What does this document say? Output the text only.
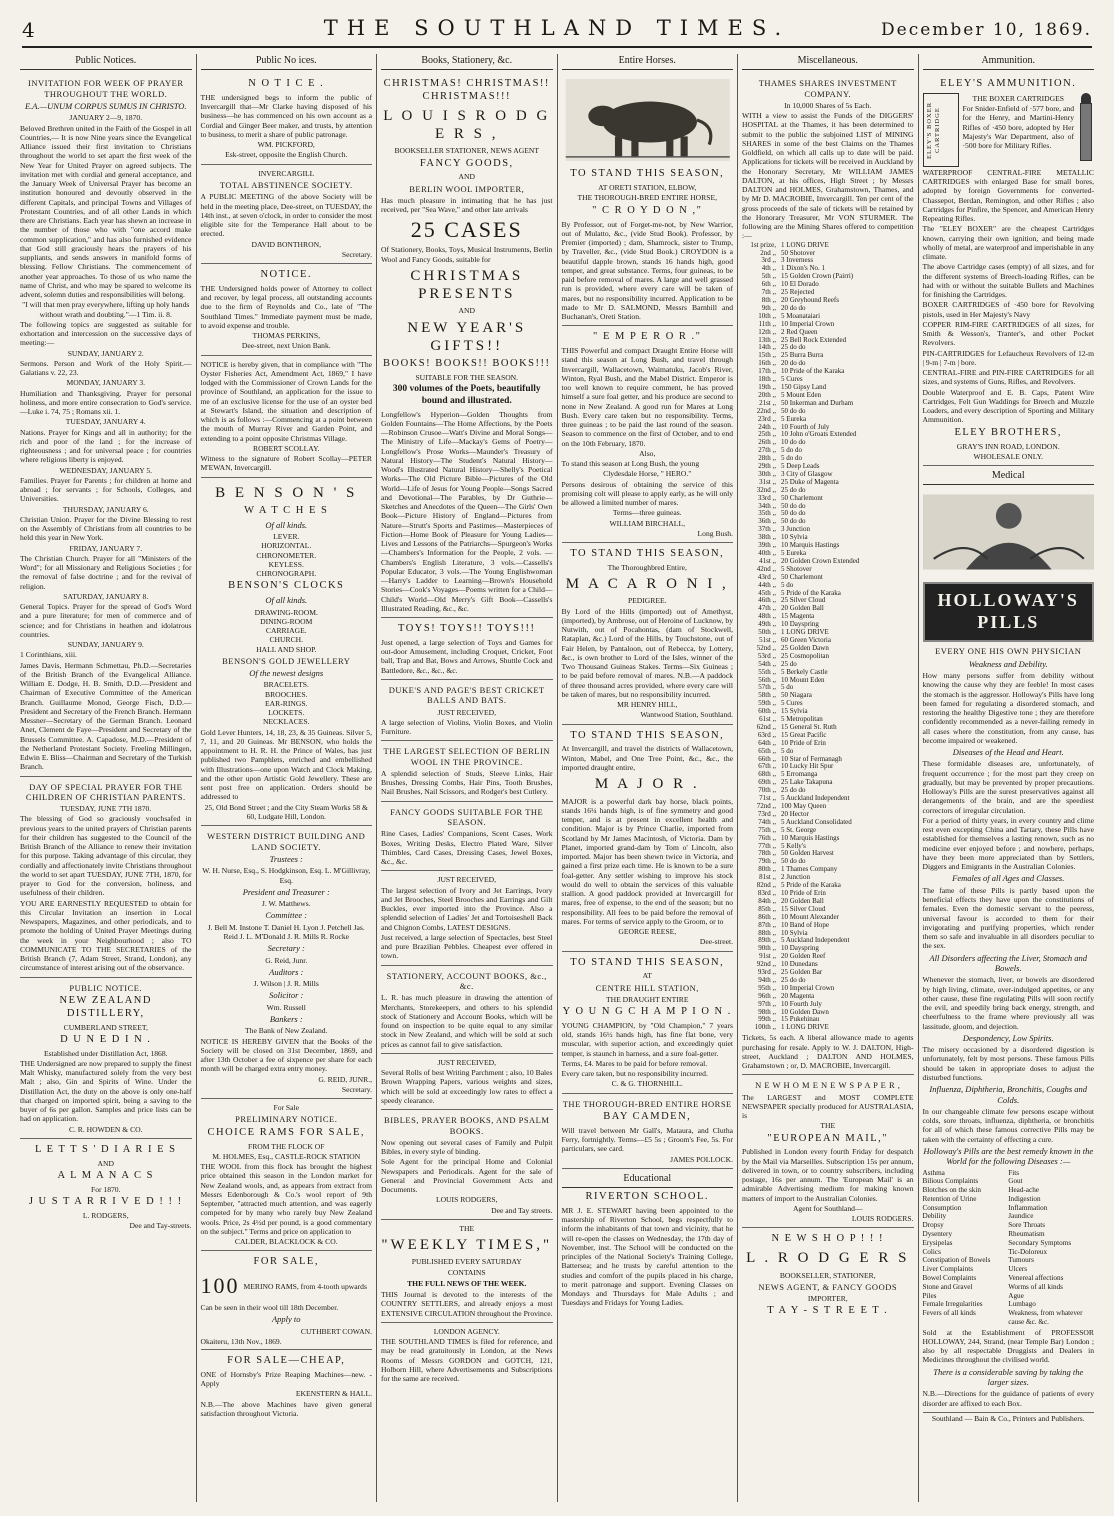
4	THE SOUTHLAND TIMES.	December 10, 1869.
Public Notices.
INVITATION FOR WEEK OF PRAYER THROUGHOUT THE WORLD.
E.A.—UNUM CORPUS SUMUS IN CHRISTO.
JANUARY 2—9, 1870.

Beloved Brethren united in the Faith of the Gospel in all Countries,— It is now Nine years since the Evangelical Alliance issued their first invitation to Christians throughout the world to set apart the first week of the New Year for United Prayer on agreed subjects. The invitation met with cordial and general acceptance, and the January Week of Universal Prayer has become an institution honoured and devoutly observed in the different Capitals, and principal Towns and Villages of Protestant Countries, and of all other Lands in which there are Christians. Each year has shewn an increase in the number of those who with "one accord make common supplication," and has also furnished evidence that God still graciously hears the prayers of his suppliants, and sends answers in manifold forms of blessing. Fellow Christians. The commencement of another year approaches. To those of us who name the name of Christ, and who may be spared to welcome its advent, solemn duties and responsibilities will belong.

"I will that men pray everywhere, lifting up holy hands without wrath and doubting."—1 Tim. ii. 8.

The following topics are suggested as suitable for exhortation and intercession on the successive days of meeting:—

SUNDAY, JANUARY 2.

Sermons. Person and Work of the Holy Spirit.—Galatians v. 22, 23.

MONDAY, JANUARY 3.

Humiliation and Thanksgiving. Prayer for personal holiness, and more entire consecration to God's service.—Luke i. 74, 75 ; Romans xii. 1.

TUESDAY, JANUARY 4.

Nations. Prayer for Kings and all in authority; for the rich and poor of the land ; for the increase of righteousness ; and for universal peace ; for countries where religious liberty is enjoyed.

WEDNESDAY, JANUARY 5.

Families. Prayer for Parents ; for children at home and abroad ; for servants ; for Schools, Colleges, and Universities.

THURSDAY, JANUARY 6.

Christian Union. Prayer for the Divine Blessing to rest on the Assembly of Christians from all countries to be held this year in New York.

FRIDAY, JANUARY 7.

The Christian Church. Prayer for all "Ministers of the Word"; for all Missionary and Religious Societies ; for the removal of false doctrine ; and for the revival of religion.

SATURDAY, JANUARY 8.

General Topics. Prayer for the spread of God's Word and a pure literature; for men of commerce and of science; and for Christians in heathen and idolatrous countries.

SUNDAY, JANUARY 9.

1 Corinthians, xiii.

James Davis, Hermann Schmettau, Ph.D.—Secretaries of the British Branch of the Evangelical Alliance. William E. Dodge, H. B. Smith, D.D.—President and Chairman of Executive Committee of the American Branch. Guillaume Monod, George Fisch, D.D.—President and Secretary of the French Branch. Hermann Messner—Secretary of the German Branch. Leonard Anet, Clement de Faye—President and Secretary of the Brussels Committee. A. Capadose, M.D.—President of the Netherland Protestant Society. Freeling Millingen, Edwin E. Bliss—Chairman and Secretary of the Turkish Branch.

DAY OF SPECIAL PRAYER FOR THE CHILDREN OF CHRISTIAN PARENTS.
TUESDAY, JUNE 7TH 1870.

The blessing of God so graciously vouchsafed in previous years to the united prayers of Christian parents for their children has suggested to the Council of the British Branch of the Alliance to renew their invitation for this purpose. Taking advantage of this circular, they cordially and affectionately invite Christians throughout the world to set apart TUESDAY, JUNE 7TH, 1870, for prayer to God for the conversion, holiness, and usefulness of their children.

YOU ARE EARNESTLY REQUESTED to obtain for this Circular Invitation an insertion in Local Newspapers, Magazines, and other periodicals, and to promote the holding of United Prayer Meetings during the week in your Neighbourhood ; also TO COMMUNICATE TO THE SECRETARIES of the British Branch (7, Adam Street, Strand, London), any circumstance of interest arising out of the observance.

PUBLIC NOTICE.
NEW ZEALAND DISTILLERY,
CUMBERLAND STREET,
D U N E D I N .
Established under Distillation Act, 1868.

THE Undersigned are now prepared to supply the finest Malt Whisky, manufactured solely from the very best Malt ; also, Gin and Spirits of Wine. Under the Distillation Act, the duty on the above is only one-half that charged on imported spirit, being a saving to the buyer of 6s per gallon. Samples and price lists can be had on application.

C. R. HOWDEN & CO.
L E T T S ' D I A R I E S
AND
A L M A N A C S
For 1870.
J U S T A R R I V E D ! ! !
L. RODGERS,
Dee and Tay-streets.
Public No ices.
N O T I C E .

THE undersigned begs to inform the public of Invercargill that—Mr Clarke having disposed of his business—he has commenced on his own account as a Cordial and Ginger Beer maker, and trusts, by attention to business, to merit a share of public patronage.

WM. PICKFORD,
Esk-street, opposite the English Church.
INVERCARGILL
TOTAL ABSTINENCE SOCIETY.

A PUBLIC MEETING of the above Society will be held in the meeting place, Dee-street, on TUESDAY, the 14th inst., at seven o'clock, in order to consider the most eligible site for the Temperance Hall about to be erected.

DAVID BONTHRON,
Secretary.
NOTICE.

THE Undersigned holds power of Attorney to collect and recover, by legal process, all outstanding accounts due to the firm of Reynolds and Co., late of "The Southland Times." Immediate payment must be made, to avoid expense and trouble.

THOMAS PERKINS,
Dee-street, next Union Bank.

NOTICE is hereby given, that in compliance with "The Oyster Fisheries Act, Amendment Act, 1869," I have lodged with the Commissioner of Crown Lands for the province of Southland, an application for the issue to me of an exclusive license for the use of an oyster bed at Stewart's Island, the situation and description of which is as follows :—Commencing at a point between the mouth of Murray River and Garden Point, and extending to a point opposite Christmas Village.

ROBERT SCOLLAY.

Witness to the signature of Robert Scollay—PETER M'EWAN, Invercargill.

B E N S O N ' S
W A T C H E S
Of all kinds.
LEVER.
HORIZONTAL.
CHRONOMETER.
KEYLESS.
CHRONOGRAPH.
BENSON'S CLOCKS
Of all kinds.
DRAWING-ROOM.
DINING-ROOM
CARRIAGE.
CHURCH.
HALL AND SHOP.
BENSON'S GOLD JEWELLERY
Of the newest designs
BRACELETS.
BROOCHES.
EAR-RINGS.
LOCKETS.
NECKLACES.

Gold Lever Hunters, 14, 18, 23, & 35 Guineas. Silver 5, 7, 11, and 20 Guineas. Mr BENSON, who holds the appointment to H. R. H. the Prince of Wales, has just published two Pamphlets, enriched and embellished with Illustrations—one upon Watch and Clock Making, and the other upon Artistic Gold Jewellery. These are sent post free on application. Orders should be addressed to

25, Old Bond Street ; and the City Steam Works 58 & 60, Ludgate Hill, London.

WESTERN DISTRICT BUILDING AND LAND SOCIETY.
Trustees :
W. H. Nurse, Esq., S. Hodgkinson, Esq. L. M'Gillivray, Esq.
President and Treasurer :
J. W. Matthews.
Committee :
J. Bell M. Instone T. Daniel H. Lyon J. Petchell Jas. Reid J. L. M'Donald J. R. Mills R. Rocke
Secretary :
G. Reid, Junr.
Auditors :
J. Wilson | J. R. Mills
Solicitor :
Wm. Russell
Bankers :
The Bank of New Zealand.

NOTICE IS HEREBY GIVEN that the Books of the Society will be closed on 31st December, 1869, and after 13th October a fee of sixpence per share for each month will be charged extra entry money.

G. REID, JUNR.,
Secretary.
For Sale
PRELIMINARY NOTICE.
CHOICE RAMS FOR SALE,
FROM THE FLOCK OF
M. HOLMES, Esq., CASTLE-ROCK STATION

THE WOOL from this flock has brought the highest price obtained this season in the London market for New Zealand wools, and, as appears from extract from Messrs Edenborough & Co.'s wool report of 9th September, "attracted much attention, and was eagerly competed for by many who rarely buy New Zealand wools. Price, 2s 4½d per pound, is a good commentary on the subject." Terms and price on application to

CALDER, BLACKLOCK & CO.
FOR SALE,
100 MERINO RAMS, from 4-tooth upwards

Can be seen in their wool till 18th December.

Apply to
CUTHBERT COWAN.
Okaiteru, 13th Nov., 1869.
FOR SALE—CHEAP,

ONE of Hornsby's Prize Reaping Machines—new. -Apply

EKENSTERN & HALL.

N.B.—The above Machines have given general satisfaction throughout Victoria.

Books, Stationery, &c.
CHRISTMAS! CHRISTMAS!! CHRISTMAS!!!
L O U I S R O D G E R S ,
BOOKSELLER STATIONER, NEWS AGENT
FANCY GOODS,
AND
BERLIN WOOL IMPORTER,

Has much pleasure in intimating that he has just received, per "Sea Wave," and other late arrivals

25 CASES

Of Stationery, Books, Toys, Musical Instruments, Berlin Wool and Fancy Goods, suitable for

CHRISTMAS PRESENTS
AND
NEW YEAR'S GIFTS!!
BOOKS! BOOKS!! BOOKS!!!
SUITABLE FOR THE SEASON.
300 volumes of the Poets, beautifully bound and illustrated.

Longfellow's Hyperion—Golden Thoughts from Golden Fountains—The Home Affections, by the Poets—Robinson Crusoe—Watt's Divine and Moral Songs—The Ministry of Life—Mackay's Gems of Poetry—Longfellow's Prose Works—Maunder's Treasury of Natural History—The Student's Natural History—Wood's Illustrated Natural History—Shelly's Poetical Works—The Old Picture Bible—Pictures of the Old World—Life of Jesus for Young People—Songs Sacred and Devotional—The Parables, by Dr Guthrie—Sketches and Anecdotes of the Queen—The Girls' Own Book—Picture History of England—Pictures from Nature—Strutt's Sports and Pastimes—Masterpieces of Fiction—Home Book of Pleasure for Young Ladies—Lives and Lessons of the Patriarchs—Spurgeon's Works—Chambers's Information for the People, 2 vols. —Chambers's English Literature, 3 vols.—Cassells's Popular Educator, 3 vols.—The Young Englishwoman—Harry's Ladder to Learning—Brown's Household Stories—Cook's Voyages—Poems written for a Child—Child's World—Old Merry's Gift Book—Cassells's Illustrated Reading, &c., &c.

TOYS! TOYS!! TOYS!!!

Just opened, a large selection of Toys and Games for out-door Amusement, including Croquet, Cricket, Foot ball, Trap and Bat, Bows and Arrows, Shuttle Cock and Battledore, &c., &c., &c.

DUKE'S AND PAGE'S BEST CRICKET BALLS AND BATS.
JUST RECEIVED,

A large selection of Violins, Violin Boxes, and Violin Furniture.

THE LARGEST SELECTION OF BERLIN WOOL IN THE PROVINCE.

A splendid selection of Studs, Sleeve Links, Hair Brushes, Dressing Combs, Hair Pins, Tooth Brushes, Nail Brushes, Nail Scissors, and Rodger's best Cutlery.

FANCY GOODS SUITABLE FOR THE SEASON.

Rine Cases, Ladies' Companions, Scent Cases, Work Boxes, Writing Desks, Electro Plated Ware, Silver Thimbles, Card Cases, Dressing Cases, Jewel Boxes, &c., &c.

JUST RECEIVED,

The largest selection of Ivory and Jet Earrings, Ivory and Jet Brooches, Steel Brooches and Earrings and Gilt Buckles, ever imported into the Province. Also a splendid selection of Ladies' Jet and Tortoiseshell Back and Chignon Combs, LATEST DESIGNS.

Just received, a large selection of Spectacles, best Steel and pure Brazilian Pebbles. Cheapest ever offered in town.

STATIONERY, ACCOUNT BOOKS, &c., &c.

L. R. has much pleasure in drawing the attention of Merchants, Storekeepers, and others to his splendid stock of Stationery and Account Books, which will be found on inspection to be quite equal to any similar stock in New Zealand, and which will be sold at such prices as cannot fail to give satisfaction.

JUST RECEIVED,

Several Rolls of best Writing Parchment ; also, 10 Bales Brown Wrapping Papers, various weights and sizes, which will be sold at exceedingly low rates to effect a speedy clearance.

BIBLES, PRAYER BOOKS, AND PSALM BOOKS.

Now opening out several cases of Family and Pulpit Bibles, in every style of binding.

Sole Agent for the principal Home and Colonial Newspapers and Periodicals. Agent for the sale of General and Provincial Government Acts and Documents.

LOUIS RODGERS,
Dee and Tay streets.
THE
"WEEKLY TIMES,"
PUBLISHED EVERY SATURDAY
CONTAINS
THE FULL NEWS OF THE WEEK.

THIS Journal is devoted to the interests of the COUNTRY SETTLERS, and already enjoys a most EXTENSIVE CIRCULATION throughout the Province.

LONDON AGENCY.

THE SOUTHLAND TIMES is filed for reference, and may be read gratuitously in London, at the News Rooms of Messrs GORDON and GOTCH, 121, Holborn Hill, where Advertisements and Subscriptions for the same are received.

Entire Horses.
TO STAND THIS SEASON,
AT ORETI STATION, ELBOW,
THE THOROUGH-BRED ENTIRE HORSE,
" C R O Y D O N ,"

By Professor, out of Forget-me-not, by New Warrior, out of Mulatto, &c., (vide Stud Book). Professor, by Premier (imported) ; dam, Shamrock, sister to Trump, by Traveller, &c., (vide Stud Book.) CROYDON is a beautiful dapple brown, stands 16 hands high, good temper, and great substance. Terms, four guineas, to be paid before removal of mares. A large and well grassed run is provided, where every care will be taken of mares, but no responsibility incurred. Application to be made to Mr D. SALMOND, Messrs Barnhill and Buchanan's, Oreti Station.

" E M P E R O R ."

THIS Powerful and compact Draught Entire Horse will stand this season at Long Bush, and travel through Invercargill, Wallacetown, Waimatuku, Jacob's River, Winton, Ryal Bush, and the Mabel District. Emperor is too well known to require comment, he has proved himself a sure foal getter, and his produce are second to none in New Zealand. A good run for Mares at Long Bush. Every care taken but no responsibility. Terms, three guineas ; to be paid the last round of the season. Season to commence on the first of October, and to end on the 10th February, 1870.

Also,

To stand this season at Long Bush, the young

Clydesdale Horse, " HERO."

Persons desirous of obtaining the service of this promising colt will please to apply early, as he will only be allowed a limited number of mares.

Terms—three guineas.
WILLIAM BIRCHALL,
Long Bush.
TO STAND THIS SEASON,
The Thoroughbred Entire,
M A C A R O N I ,
PEDIGREE.

By Lord of the Hills (imported) out of Amethyst, (imported), by Ambrose, out of Heroine of Lucknow, by Nutwith, out of Pocahontas, (dam of Stockwell, Rataplan, &c.) Lord of the Hills, by Touchstone, out of Fair Helen, by Pantaloon, out of Rebecca, by Lottery, &c., is own brother to Lord of the Isles, winner of the Two Thousand Guineas Stakes. Terms—Six Guineas ; to be paid before removal of mares. N.B.—A paddock of three thousand acres provided, where every care will be taken of mares, but no responsibility incurred.

MR HENRY HILL,
Wantwood Station, Southland.
TO STAND THIS SEASON,

At Invercargill, and travel the districts of Wallacetown, Winton, Mabel, and One Tree Point, &c., &c., the imported draught entire,

M A J O R .

MAJOR is a powerful dark bay horse, black points, stands 16¼ hands high, is of fine symmetry and good temper, and is at present in excellent health and condition. Major is by Prince Charlie, imported from Scotland by Mr James Macintosh, of Victoria. Dam by Planet, imported grand-dam by Tom o' Lincoln, also imported. Major has been shewn twice in Victoria, and gained a first prize each time. He is known to be a sure foal-getter. Any settler wishing to improve his stock would do well to obtain the services of this valuable stallion. A good paddock provided at Invercargill for mares, free of expense, to the end of the season; but no responsibility. All fees to be paid before the removal of mares. For terms of service apply to the Groom, or to

GEORGE REESE,
Dee-street.
TO STAND THIS SEASON,
AT
CENTRE HILL STATION,
THE DRAUGHT ENTIRE
Y O U N G C H A M P I O N .

YOUNG CHAMPION, by "Old Champion," 7 years old, stands 16½ hands high, has fine flat bone, very muscular, with superior action, and exceedingly quiet temper, is staunch in harness, and a sure foal-getter.

Terms, £4. Mares to be paid for before removal.

Every care taken, but no responsibility incurred.

C. & G. THORNHILL.
THE THOROUGH-BRED ENTIRE HORSE
BAY CAMDEN,

Will travel between Mr Gall's, Mataura, and Clutha Ferry, fortnightly. Terms—£5 5s ; Groom's Fee, 5s. For particulars, see card.

JAMES POLLOCK.
Educational
RIVERTON SCHOOL.

MR J. E. STEWART having been appointed to the mastership of Riverton School, begs respectfully to inform the inhabitants of that town and vicinity, that he will re-open the classes on Wednesday, the 17th day of November, inst. The School will be conducted on the principles of the National Society's Training College, Battersea; and he trusts by careful attention to the studies and comfort of the pupils placed in his charge, to merit patronage and support. Evening Classes on Mondays and Thursdays for Male Adults ; and Tuesdays and Fridays for Young Ladies.

Miscellaneous.
THAMES SHARES INVESTMENT COMPANY.
In 10,000 Shares of 5s Each.

WITH a view to assist the Funds of the DIGGERS' HOSPITAL at the Thames, it has been determined to submit to the public the subjoined LIST of MINING SHARES in some of the best Claims on the Thames Goldfield, on which all calls up to date will be paid. Applications for tickets will be received in Auckland by the Honorary Secretary, Mr WILLIAM JAMES DALTON, at his offices, High Street ; by Messrs DALTON and HOLMES, Grahamstown, Thames, and by Mr D. MACROBIE, Invercargill. Ten per cent of the gross proceeds of the sale of tickets will be retained by the Honorary Treasurer, Mr VON STURMER. The following are the Mining Shares offered to competition :—

1st prize,
2nd ,,
3rd ,,
4th ,,
5th ,,
6th ,,
7th ,,
8th ,,
9th ,,
10th ,,
11th ,,
12th ,,
13th ,,
14th ,,
15th ,,
16th ,,
17th ,,
18th ,,
19th ,,
20th ,,
21st ,,
22nd ,,
23rd ,,
24th ,,
25th ,,
26th ,,
27th ,,
28th ,,
29th ,,
30th ,,
31st ,,
32nd ,,
33rd ,,
34th ,,
35th ,,
36th ,,
37th ,,
38th ,,
39th ,,
40th ,,
41st ,,
42nd ,,
43rd ,,
44th ,,
45th ,,
46th ,,
47th ,,
48th ,,
49th ,,
50th ,,
51st ,,
52nd ,,
53rd ,,
54th ,,
55th ,,
56th ,,
57th ,,
58th ,,
59th ,,
60th ,,
61st ,,
62nd ,,
63rd ,,
64th ,,
65th ,,
66th ,,
67th ,,
68th ,,
69th ,,
70th ,,
71st ,,
72nd ,,
73rd ,,
74th ,,
75th ,,
76th ,,
77th ,,
78th ,,
79th ,,
80th ,,
81st ,,
82nd ,,
83rd ,,
84th ,,
85th ,,
86th ,,
87th ,,
88th ,,
89th ,,
90th ,,
91st ,,
92nd ,,
93rd ,,
94th ,,
95th ,,
96th ,,
97th ,,
98th ,,
99th ,,
100th ,,
1 LONG DRIVE
50 Shotover
3 Inverness
1 Dixon's No. 1
15 Golden Crown (Pairri)
10 El Dorado
25 Rejected
20 Greyhound Reefs
20 do do
5 Moanataiari
10 Imperial Crown
2 Red Queen
25 Bell Rock Extended
25 do do
25 Burra Burra
20 do do
10 Pride of the Karaka
5 Cures
150 Gipsy Land
5 Mount Eden
50 Inkerman and Durham
50 do do
5 Eureka
10 Fourth of July
10 John o'Groats Extended
10 do do
5 do do
5 do do
5 Deep Leads
3 City of Glasgow
25 Duke of Magenta
25 do do
50 Charlemont
50 do do
50 do do
50 do do
3 Junction
10 Sylvia
10 Marquis Hastings
5 Eureka
20 Golden Crown Extended
5 Shotover
50 Charlemont
5 do
5 Pride of the Karaka
25 Silver Cloud
20 Golden Ball
15 Magenta
10 Dayspring
1 LONG DRIVE
60 Green Victoria
25 Golden Dawn
25 Cosmopolitan
25 do
5 Berkely Castle
10 Mount Eden
5 do
50 Niagara
5 Cures
15 Sylvia
5 Metropolitan
15 General St. Ruth
15 Great Pacific
10 Pride of Erin
5 do
10 Star of Fermanagh
10 Lucky Hit Spur
5 Erromanga
25 Lake Takapuna
25 do do
5 Auckland Independent
100 May Queen
20 Hector
5 Auckland Consolidated
5 St. George
10 Marquis Hastings
5 Kelly's
50 Golden Harvest
50 do do
1 Thames Company
2 Junction
5 Pride of the Karaka
10 Pride of Erin
20 Golden Ball
15 Silver Cloud
10 Mount Alexander
10 Band of Hope
10 Sylvia
5 Auckland Independent
10 Dayspring
20 Golden Reef
10 Dunedans
25 Golden Bar
25 do do
10 Imperial Crown
20 Magenta
10 Fourth July
10 Golden Dawn
15 Pukehinau
1 LONG DRIVE

Tickets, 5s each. A liberal allowance made to agents purchasing for resale. Apply to W. J. DALTON, High-street, Auckland ; DALTON AND HOLMES, Grahamstown ; or, D. MACROBIE, Invercargill.

N E W H O M E N E W S P A P E R ,

The LARGEST and MOST COMPLETE NEWSPAPER specially produced for AUSTRALASIA, is

THE
"EUROPEAN MAIL,"

Published in London every fourth Friday for despatch by the Mail via Marseilles. Subscription 15s per annum, delivered in town, or to country subscribers, including postage, 16s per annum. The 'European Mail' is an admirable Advertising medium for making known matters of import to the Australian Colonies.

Agent for Southland—
LOUIS RODGERS.
N E W S H O P ! ! !
L . R O D G E R S
BOOKSELLER, STATIONER,
NEWS AGENT, & FANCY GOODS
IMPORTER,
T A Y - S T R E E T .
Ammunition.
ELEY'S AMMUNITION.
ELEY'S BOXER CARTRIDGE
THE BOXER CARTRIDGES

For Snider-Enfield of ·577 bore, and for the Henry, and Martini-Henry Rifles of ·450 bore, adopted by Her Majesty's War Department, also of ·500 bore for Military Rifles.

WATERPROOF CENTRAL-FIRE METALLIC CARTRIDGES with enlarged Base for small bores, adopted by foreign Governments for converted-Chassepot, Berdan, Remington, and other Rifles ; also Cartridges for Pinfire, the Spencer, and American Henry Repeating Rifles.

The "ELEY BOXER" are the cheapest Cartridges known, carrying their own ignition, and being made wholly of metal, are waterproof and imperishable in any climate.

The above Cartridge cases (empty) of all sizes, and for the different systems of Breech-loading Rifles, can be had with or without the suitable Bullets and Machines for finishing the Cartridges.

BOXER CARTRIDGES of ·450 bore for Revolving pistols, used in Her Majesty's Navy

COPPER RIM-FIRE CARTRIDGES of all sizes, for Smith & Wesson's, Tranter's, and other Pocket Revolvers.

PIN-CARTRIDGES for Lefaucheux Revolvers of 12-m | 9-m | 7-m | bore.

CENTRAL-FIRE and PIN-FIRE CARTRIDGES for all sizes, and systems of Guns, Rifles, and Revolvers.

Double Waterproof and E. B. Caps, Patent Wire Cartridges, Felt Gun Waddings for Breech and Muzzle Loaders, and every description of Sporting and Military Ammunition.

ELEY BROTHERS,
GRAY'S INN ROAD, LONDON.
WHOLESALE ONLY.
Medical
HOLLOWAY'S PILLS
EVERY ONE HIS OWN PHYSICIAN
Weakness and Debility.

How many persons suffer from debility without knowing the cause why they are feeble! In most cases the stomach is the aggressor. Holloway's Pills have long been famed for regulating a disordered stomach, and restoring the healthy Digestive tone ; they are therefore confidently recommended as a never-failing remedy in all cases where the constitution, from any cause, has become impaired or weakened.

Diseases of the Head and Heart.

These formidable diseases are, unfortunately, of frequent occurrence ; for the most part they creep on gradually, but may be prevented by proper precautions. Holloway's Pills are the surest preservatives against all derangements of the brain, and are the speediest correctors of irregular circulation.

For a period of thirty years, in every country and clime rest even excepting China and Tartary, these Pills have established for themselves a lasting renown, such as no medicine ever enjoyed before ; and nowhere, perhaps, have they been more appreciated than by Settlers, Diggers and Emigrants in the Australian Colonies.

Females of all Ages and Classes.

The fame of these Pills is partly based upon the beneficial effects they have upon the constitutions of females. Even the domestic servant to the peeress, universal favour is accorded to them for their invigorating and purifying properties, which render them so safe and invaluable in all disorders peculiar to the sex.

All Disorders affecting the Liver, Stomach and Bowels.

Whenever the stomach, liver, or bowels are disordered by high living, climate, over-indulged appetites, or any other cause, these fine regulating Pills will soon rectify the evil, and speedily bring back energy, strength, and cheerfulness to the frame where previously all was lassitude, gloom, and dejection.

Despondency, Low Spirits.

The misery occasioned by a disordered digestion is unfortunately, felt by most persons. These famous Pills should be taken in appropriate doses to adjust the disturbed functions.

Influenza, Diphtheria, Bronchitis, Coughs and Colds.

In our changeable climate few persons escape without colds, sore throats, influenza, diphtheria, or bronchitis for all of which these famous corrective Pills may be taken with the certainty of effecting a cure.

Holloway's Pills are the best remedy known in the World for the following Diseases :—
Asthma
Bilious Complaints
Blotches on the skin
Retention of Urine
Consumption
Debility
Dropsy
Dysentery
Erysipelas
Colics
Constipation of Bowels
Liver Complaints
Bowel Complaints
Stone and Gravel
Piles
Female Irregularities
Fevers of all kinds
Fits
Gout
Head-ache
Indigestion
Inflammation
Jaundice
Sore Throats
Rheumatism
Secondary Symptoms
Tic-Doloreux
Tumours
Ulcers
Venereal affections
Worms of all kinds
Ague
Lumbago
Weakness, from whatever cause &c. &c.

Sold at the Establishment of PROFESSOR HOLLOWAY, 244, Strand, (near Temple Bar) London ; also by all respectable Druggists and Dealers in Medicines throughout the civilised world.

There is a considerable saving by taking the larger sizes.

N.B.—Directions for the guidance of patients of every disorder are affixed to each Box.

Southland — Bain & Co., Printers and Publishers.
